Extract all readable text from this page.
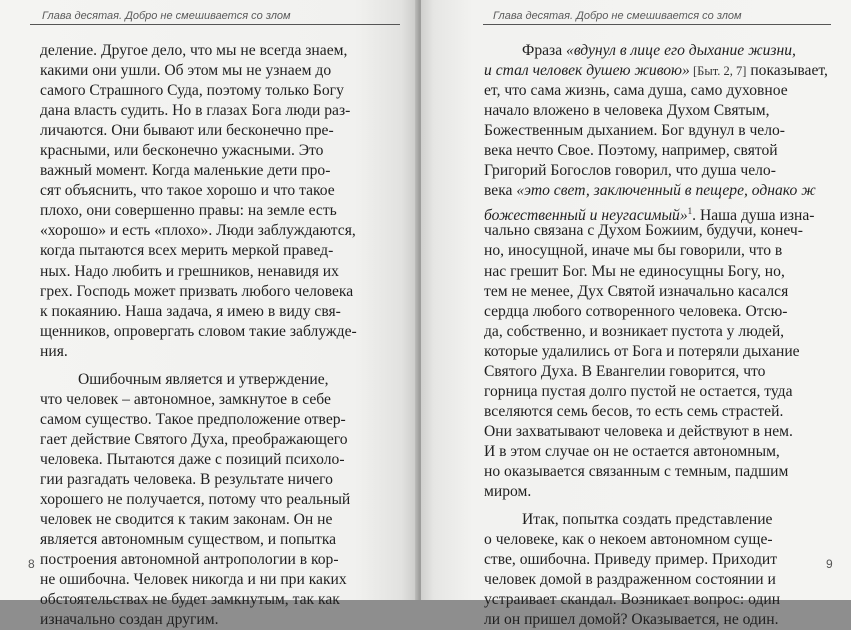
Глава десятая. Добро не смешивается со злом
деление. Другое дело, что мы не всегда знаем,
какими они ушли. Об этом мы не узнаем до
самого Страшного Суда, поэтому только Богу
дана власть судить. Но в глазах Бога люди раз-
личаются. Они бывают или бесконечно пре-
красными, или бесконечно ужасными. Это
важный момент. Когда маленькие дети про-
сят объяснить, что такое хорошо и что такое
плохо, они совершенно правы: на земле есть
«хорошо» и есть «плохо». Люди заблуждаются,
когда пытаются всех мерить меркой правед-
ных. Надо любить и грешников, ненавидя их
грех. Господь может призвать любого человека
к покаянию. Наша задача, я имею в виду свя-
щенников, опровергать словом такие заблужде-
ния.
Ошибочным является и утверждение,
что человек – автономное, замкнутое в себе
самом существо. Такое предположение отвер-
гает действие Святого Духа, преображающего
человека. Пытаются даже с позиций психоло-
гии разгадать человека. В результате ничего
хорошего не получается, потому что реальный
человек не сводится к таким законам. Он не
является автономным существом, и попытка
построения автономной антропологии в кор-
не ошибочна. Человек никогда и ни при каких
обстоятельствах не будет замкнутым, так как
изначально создан другим.
8
Глава десятая. Добро не смешивается со злом
Фраза «вдунул в лице его дыхание жизни,
и стал человек душею живою» [Быт. 2, 7] показывает,
ет, что сама жизнь, сама душа, само духовное
начало вложено в человека Духом Святым,
Божественным дыханием. Бог вдунул в чело-
века нечто Свое. Поэтому, например, святой
Григорий Богослов говорил, что душа чело-
века «это свет, заключенный в пещере, однако ж
божественный и неугасимый»$^1$. Наша душа изна-
чально связана с Духом Божиим, будучи, конеч-
но, иносущной, иначе мы бы говорили, что в
нас грешит Бог. Мы не единосущны Богу, но,
тем не менее, Дух Святой изначально касался
сердца любого сотворенного человека. Отсю-
да, собственно, и возникает пустота у людей,
которые удалились от Бога и потеряли дыхание
Святого Духа. В Евангелии говорится, что
горница пустая долго пустой не остается, туда
вселяются семь бесов, то есть семь страстей.
Они захватывают человека и действуют в нем.
И в этом случае он не остается автономным,
но оказывается связанным с темным, падшим
миром.
Итак, попытка создать представление
о человеке, как о некоем автономном суще-
стве, ошибочна. Приведу пример. Приходит
человек домой в раздраженном состоянии и
устраивает скандал. Возникает вопрос: один
ли он пришел домой? Оказывается, не один.
9
